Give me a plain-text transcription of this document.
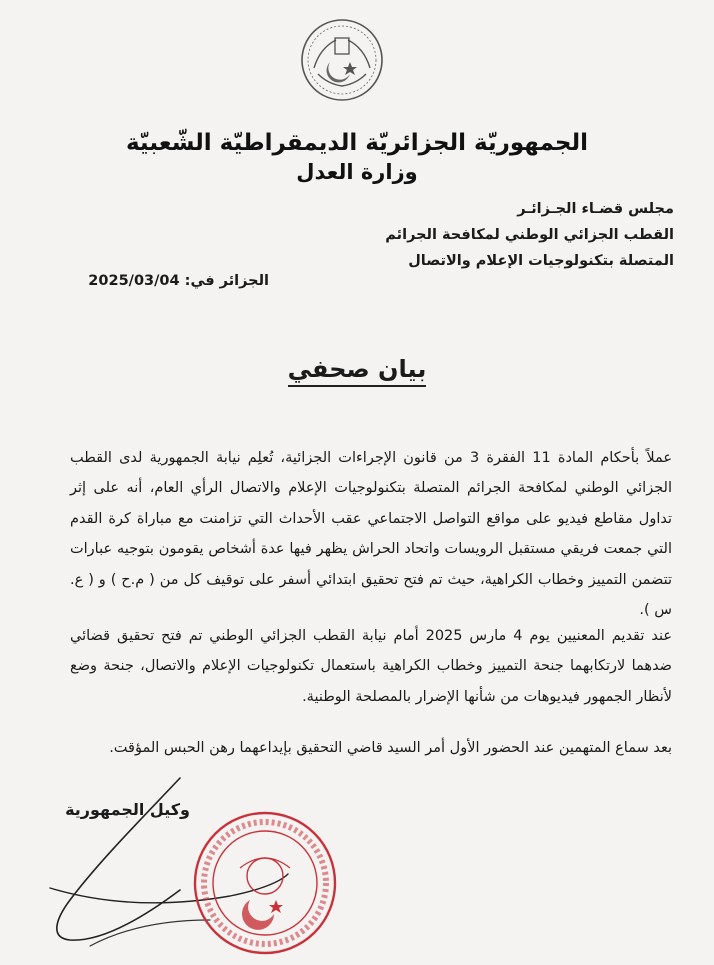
الجمهوريّة الجزائريّة الديمقراطيّة الشّعبيّة
وزارة العدل
مجلس قضـاء الجـزائـر
القطب الجزائي الوطني لمكافحة الجرائم
المتصلة بتكنولوجيات الإعلام والاتصال
الجزائر في: 2025/03/04
بيان صحفي

عملاً بأحكام المادة 11 الفقرة 3 من قانون الإجراءات الجزائية، تُعلِم نيابة الجمهورية لدى القطب الجزائي الوطني لمكافحة الجرائم المتصلة بتكنولوجيات الإعلام والاتصال الرأي العام، أنه على إثر تداول مقاطع فيديو على مواقع التواصل الاجتماعي عقب الأحداث التي تزامنت مع مباراة كرة القدم التي جمعت فريقي مستقبل الرويسات واتحاد الحراش يظهر فيها عدة أشخاص يقومون بتوجيه عبارات تتضمن التمييز وخطاب الكراهية، حيث تم فتح تحقيق ابتدائي أسفر على توقيف كل من ( م.ح ) و ( ع. س ).

عند تقديم المعنيين يوم 4 مارس 2025 أمام نيابة القطب الجزائي الوطني تم فتح تحقيق قضائي ضدهما لارتكابهما جنحة التمييز وخطاب الكراهية باستعمال تكنولوجيات الإعلام والاتصال، جنحة وضع لأنظار الجمهور فيديوهات من شأنها الإضرار بالمصلحة الوطنية.

بعد سماع المتهمين عند الحضور الأول أمر السيد قاضي التحقيق بإيداعهما رهن الحبس المؤقت.

وكيل الجمهورية
